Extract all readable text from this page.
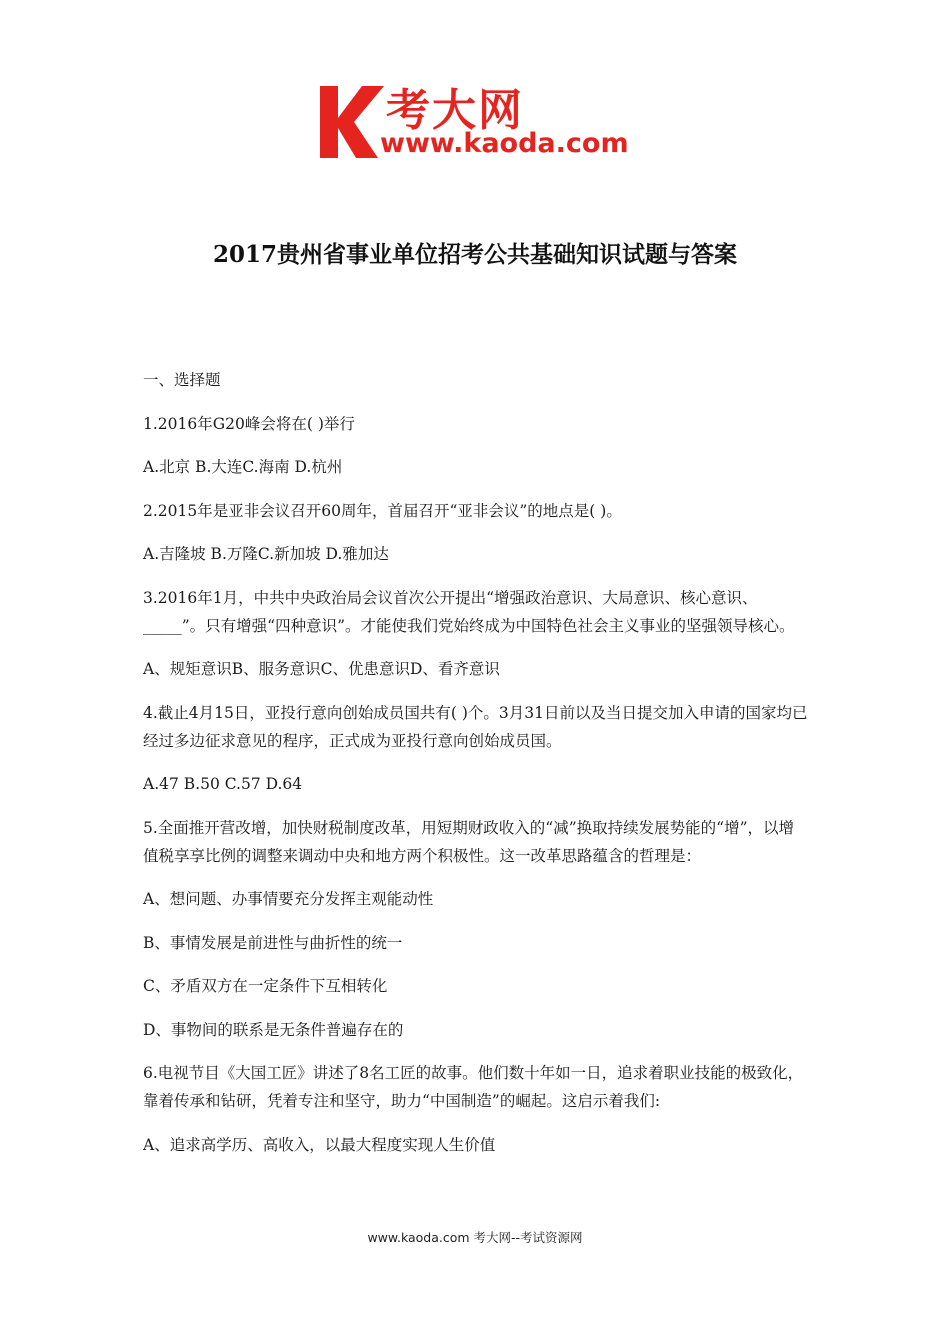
考大网
www.kaoda.com
2017贵州省事业单位招考公共基础知识试题与答案

一、选择题

1.2016年G20峰会将在( )举行

A.北京 B.大连C.海南 D.杭州

2.2015年是亚非会议召开60周年，首届召开“亚非会议”的地点是( )。

A.吉隆坡 B.万隆C.新加坡 D.雅加达

3.2016年1月，中共中央政治局会议首次公开提出“增强政治意识、大局意识、核心意识、_____”。只有增强“四种意识”。才能使我们党始终成为中国特色社会主义事业的坚强领导核心。

A、规矩意识B、服务意识C、优患意识D、看齐意识

4.截止4月15日，亚投行意向创始成员国共有( )个。3月31日前以及当日提交加入申请的国家均已经过多边征求意见的程序，正式成为亚投行意向创始成员国。

A.47 B.50 C.57 D.64

5.全面推开营改增，加快财税制度改革，用短期财政收入的“减”换取持续发展势能的“增”，以增值税享享比例的调整来调动中央和地方两个积极性。这一改革思路蕴含的哲理是：

A、想问题、办事情要充分发挥主观能动性

B、事情发展是前进性与曲折性的统一

C、矛盾双方在一定条件下互相转化

D、事物间的联系是无条件普遍存在的

6.电视节目《大国工匠》讲述了8名工匠的故事。他们数十年如一日，追求着职业技能的极致化，靠着传承和钻研，凭着专注和坚守，助力“中国制造”的崛起。这启示着我们:

A、追求高学历、高收入，以最大程度实现人生价值

www.kaoda.com 考大网--考试资源网
